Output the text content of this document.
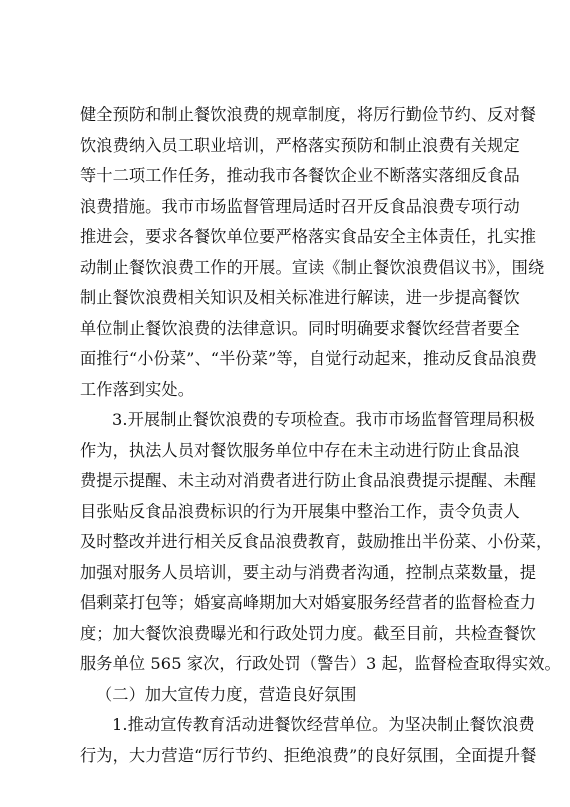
健全预防和制止餐饮浪费的规章制度，将厉行勤俭节约、反对餐
饮浪费纳入员工职业培训，严格落实预防和制止浪费有关规定
等十二项工作任务，推动我市各餐饮企业不断落实落细反食品
浪费措施。我市市场监督管理局适时召开反食品浪费专项行动
推进会，要求各餐饮单位要严格落实食品安全主体责任，扎实推
动制止餐饮浪费工作的开展。宣读《制止餐饮浪费倡议书》，围绕
制止餐饮浪费相关知识及相关标准进行解读，进一步提高餐饮
单位制止餐饮浪费的法律意识。同时明确要求餐饮经营者要全
面推行“小份菜”、“半份菜”等，自觉行动起来，推动反食品浪费
工作落到实处。
3.开展制止餐饮浪费的专项检查。我市市场监督管理局积极
作为，执法人员对餐饮服务单位中存在未主动进行防止食品浪
费提示提醒、未主动对消费者进行防止食品浪费提示提醒、未醒
目张贴反食品浪费标识的行为开展集中整治工作，责令负责人
及时整改并进行相关反食品浪费教育，鼓励推出半份菜、小份菜，
加强对服务人员培训，要主动与消费者沟通，控制点菜数量，提
倡剩菜打包等；婚宴高峰期加大对婚宴服务经营者的监督检查力
度；加大餐饮浪费曝光和行政处罚力度。截至目前，共检查餐饮
服务单位 565 家次，行政处罚（警告）3 起，监督检查取得实效。
（二）加大宣传力度，营造良好氛围
1.推动宣传教育活动进餐饮经营单位。为坚决制止餐饮浪费
行为，大力营造“厉行节约、拒绝浪费”的良好氛围，全面提升餐
